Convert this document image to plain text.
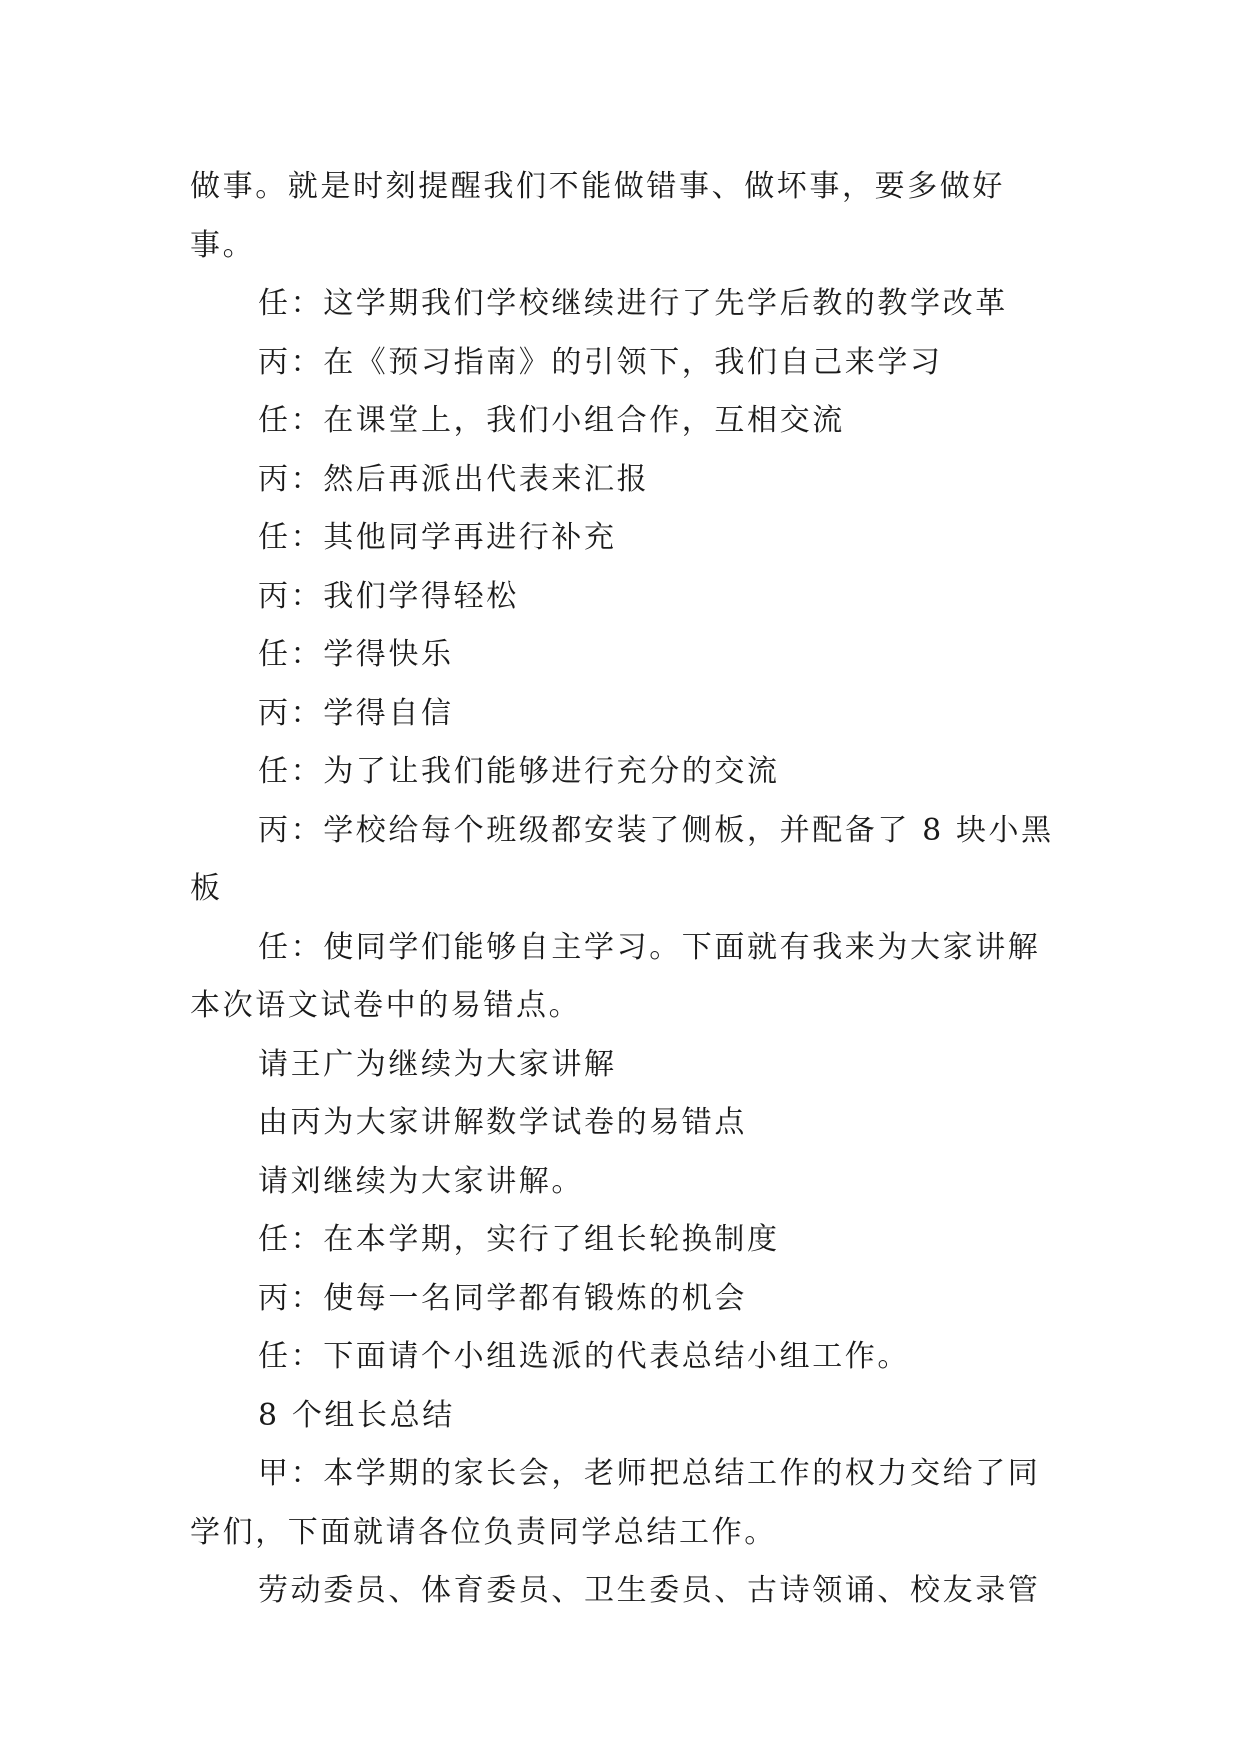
做事。就是时刻提醒我们不能做错事、做坏事，要多做好事。

任：这学期我们学校继续进行了先学后教的教学改革

丙：在《预习指南》的引领下，我们自己来学习

任：在课堂上，我们小组合作，互相交流

丙：然后再派出代表来汇报

任：其他同学再进行补充

丙：我们学得轻松

任：学得快乐

丙：学得自信

任：为了让我们能够进行充分的交流

丙：学校给每个班级都安装了侧板，并配备了 8 块小黑板

任：使同学们能够自主学习。下面就有我来为大家讲解本次语文试卷中的易错点。

请王广为继续为大家讲解

由丙为大家讲解数学试卷的易错点

请刘继续为大家讲解。

任：在本学期，实行了组长轮换制度

丙：使每一名同学都有锻炼的机会

任：下面请个小组选派的代表总结小组工作。

8 个组长总结

甲：本学期的家长会，老师把总结工作的权力交给了同学们，下面就请各位负责同学总结工作。

劳动委员、体育委员、卫生委员、古诗领诵、校友录管
